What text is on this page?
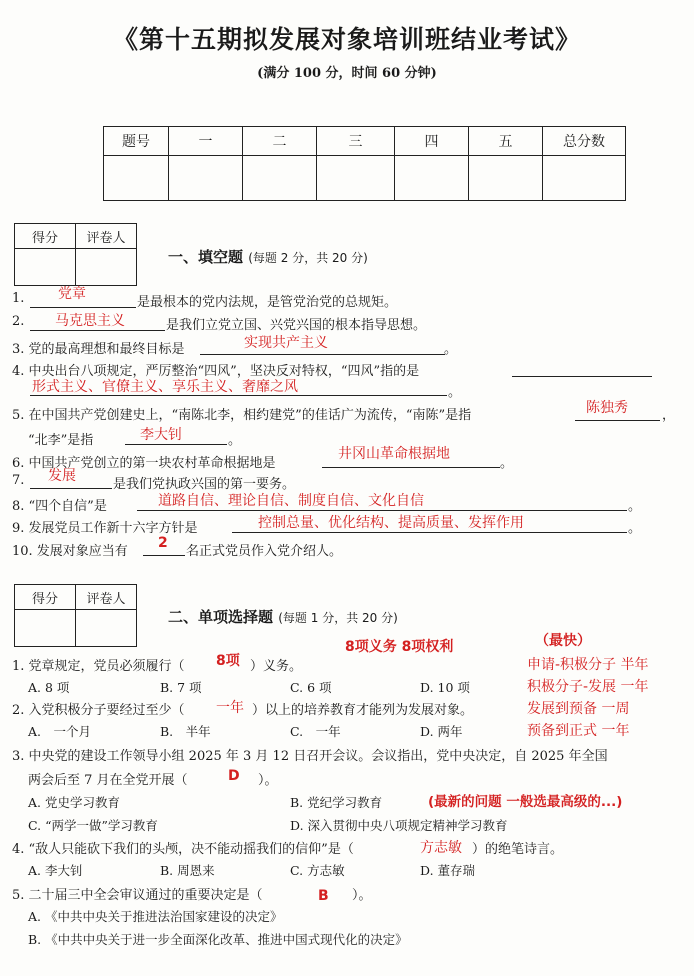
《第十五期拟发展对象培训班结业考试》
(满分 100 分，时间 60 分钟)
题号	一	二	三	四	五	总分数

得分	评卷人

一、填空题 (每题 2 分，共 20 分)
1. 党章
是最根本的党内法规，是管党治党的总规矩。
2. 马克思主义	是我们立党立国、兴党兴国的根本指导思想。
3. 党的最高理想和最终目标是	实现共产主义	。
4. 中央出台八项规定，严厉整治“四风”，坚决反对特权，“四风”指的是
形式主义、官僚主义、享乐主义、奢靡之风	。
5. 在中国共产党创建史上，“南陈北李，相约建党”的佳话广为流传，“南陈”是指	陈独秀	，
“北李”是指	李大钊	。
6. 中国共产党创立的第一块农村革命根据地是
井冈山革命根据地
。
7. 发展
是我们党执政兴国的第一要务。
8. “四个自信”是	道路自信、理论自信、制度自信、文化自信	。
9. 发展党员工作新十六字方针是	控制总量、优化结构、提高质量、发挥作用	。
10. 发展对象应当有
2
名正式党员作入党介绍人。
得分	评卷人

二、单项选择题 (每题 1 分，共 20 分)
8项义务 8项权利	（最快）
申请-积极分子 半年
积极分子-发展 一年
发展到预备 一周
预备到正式 一年
1. 党章规定，党员必须履行（ 8项 ）义务。
A. 8 项	B. 7 项	C. 6 项	D. 10 项
2. 入党积极分子要经过至少（ 一年 ）以上的培养教育才能列为发展对象。
A.　一个月	B.　半年	C.　一年	D. 两年
3. 中央党的建设工作领导小组 2025 年 3 月 12 日召开会议。会议指出，党中央决定，自 2025 年全国
两会后至 7 月在全党开展（	D ）。
A. 党史学习教育	B. 党纪学习教育	(最新的问题 一般选最高级的...)
C. “两学一做”学习教育	D. 深入贯彻中央八项规定精神学习教育
4. “敌人只能砍下我们的头颅，决不能动摇我们的信仰”是（	方志敏 ）的绝笔诗言。
A. 李大钊	B. 周恩来	C. 方志敏	D. 董存瑞
5. 二十届三中全会审议通过的重要决定是（	B ）。
A. 《中共中央关于推进法治国家建设的决定》
B. 《中共中央关于进一步全面深化改革、推进中国式现代化的决定》
